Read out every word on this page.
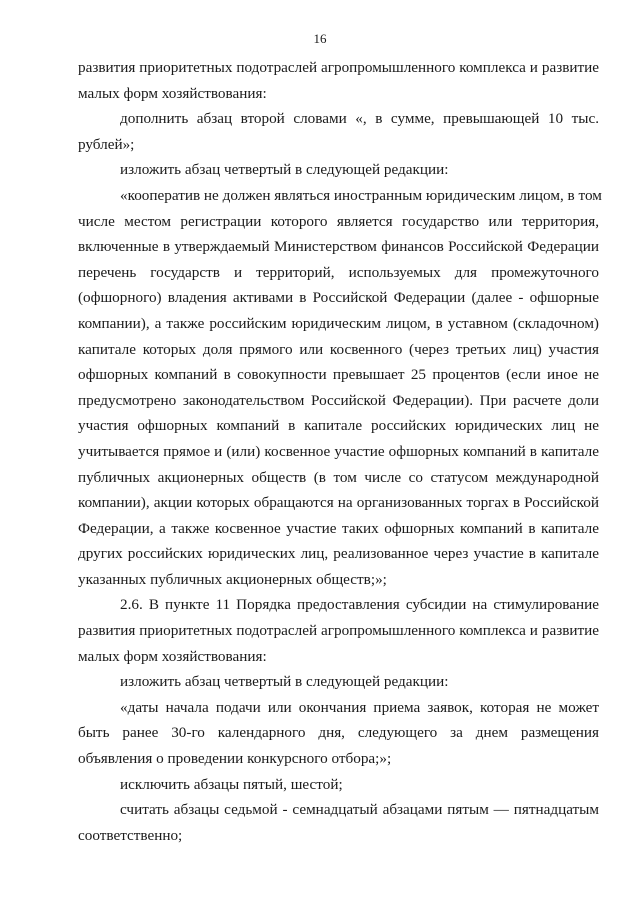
16
развития приоритетных подотраслей агропромышленного комплекса и развитие
малых форм хозяйствования:
дополнить абзац второй словами «, в сумме, превышающей 10 тыс.
рублей»;
изложить абзац четвертый в следующей редакции:
«кооператив не должен являться иностранным юридическим лицом, в том
числе местом регистрации которого является государство или территория,
включенные в утверждаемый Министерством финансов Российской Федерации
перечень государств и территорий, используемых для промежуточного
(офшорного) владения активами в Российской Федерации (далее - офшорные
компании), а также российским юридическим лицом, в уставном (складочном)
капитале которых доля прямого или косвенного (через третьих лиц) участия
офшорных компаний в совокупности превышает 25 процентов (если иное не
предусмотрено законодательством Российской Федерации). При расчете доли
участия офшорных компаний в капитале российских юридических лиц не
учитывается прямое и (или) косвенное участие офшорных компаний в капитале
публичных акционерных обществ (в том числе со статусом международной
компании), акции которых обращаются на организованных торгах в Российской
Федерации, а также косвенное участие таких офшорных компаний в капитале
других российских юридических лиц, реализованное через участие в капитале
указанных публичных акционерных обществ;»;
2.6. В пункте 11 Порядка предоставления субсидии на стимулирование
развития приоритетных подотраслей агропромышленного комплекса и развитие
малых форм хозяйствования:
изложить абзац четвертый в следующей редакции:
«даты начала подачи или окончания приема заявок, которая не может
быть ранее 30-го календарного дня, следующего за днем размещения
объявления о проведении конкурсного отбора;»;
исключить абзацы пятый, шестой;
считать абзацы седьмой - семнадцатый абзацами пятым — пятнадцатым
соответственно;
